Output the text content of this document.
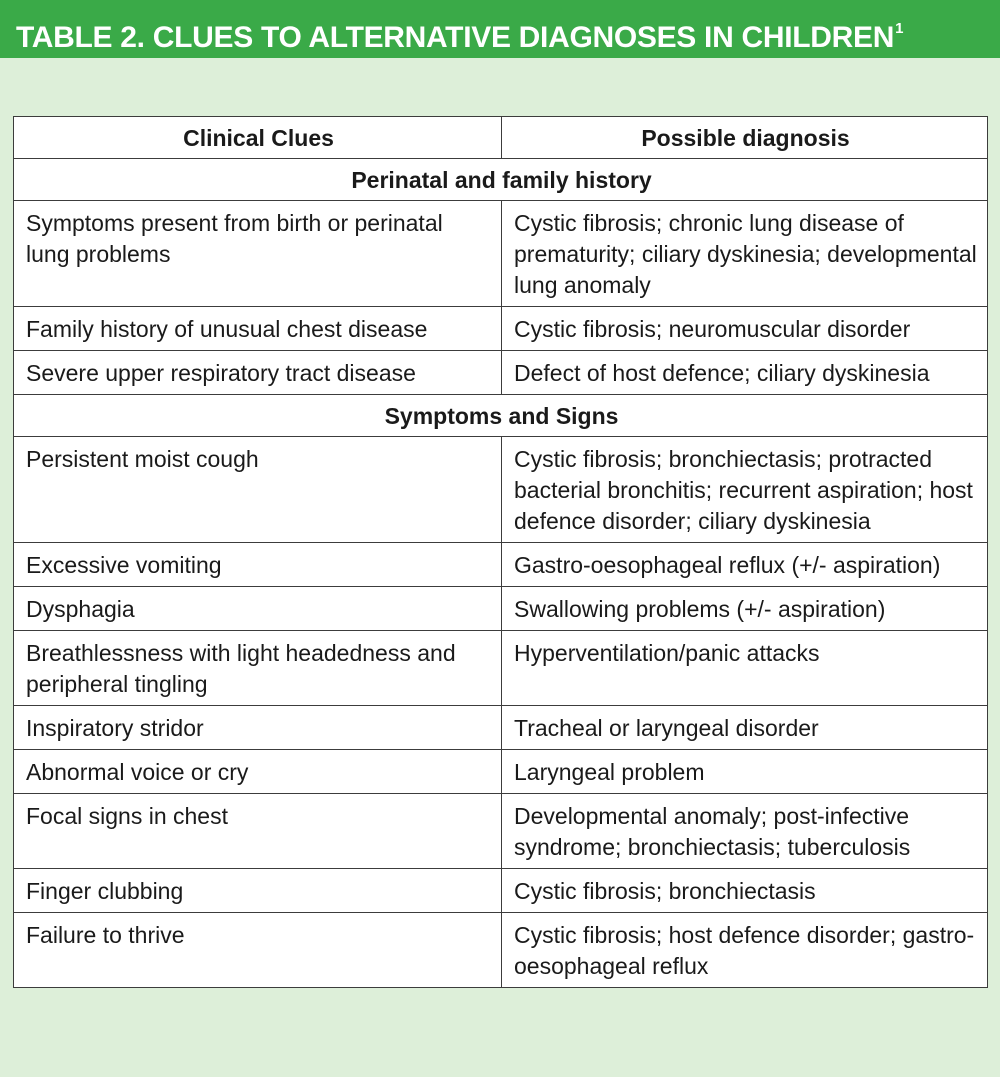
TABLE 2. CLUES TO ALTERNATIVE DIAGNOSES IN CHILDREN$^1$
Clinical Clues	Possible diagnosis
Perinatal and family history	
Symptoms present from birth or perinatal lung problems	Cystic fibrosis; chronic lung disease of prematurity; ciliary dyskinesia; developmental lung anomaly
Family history of unusual chest disease	Cystic fibrosis; neuromuscular disorder
Severe upper respiratory tract disease	Defect of host defence; ciliary dyskinesia
Symptoms and Signs	
Persistent moist cough	Cystic fibrosis; bronchiectasis; protracted bacterial bronchitis; recurrent aspiration; host defence disorder; ciliary dyskinesia
Excessive vomiting	Gastro-oesophageal reflux (+/- aspiration)
Dysphagia	Swallowing problems (+/- aspiration)
Breathlessness with light headedness and peripheral tingling	Hyperventilation/panic attacks
Inspiratory stridor	Tracheal or laryngeal disorder
Abnormal voice or cry	Laryngeal problem
Focal signs in chest	Developmental anomaly; post-infective syndrome; bronchiectasis; tuberculosis
Finger clubbing	Cystic fibrosis; bronchiectasis
Failure to thrive	Cystic fibrosis; host defence disorder; gastro-oesophageal reflux
